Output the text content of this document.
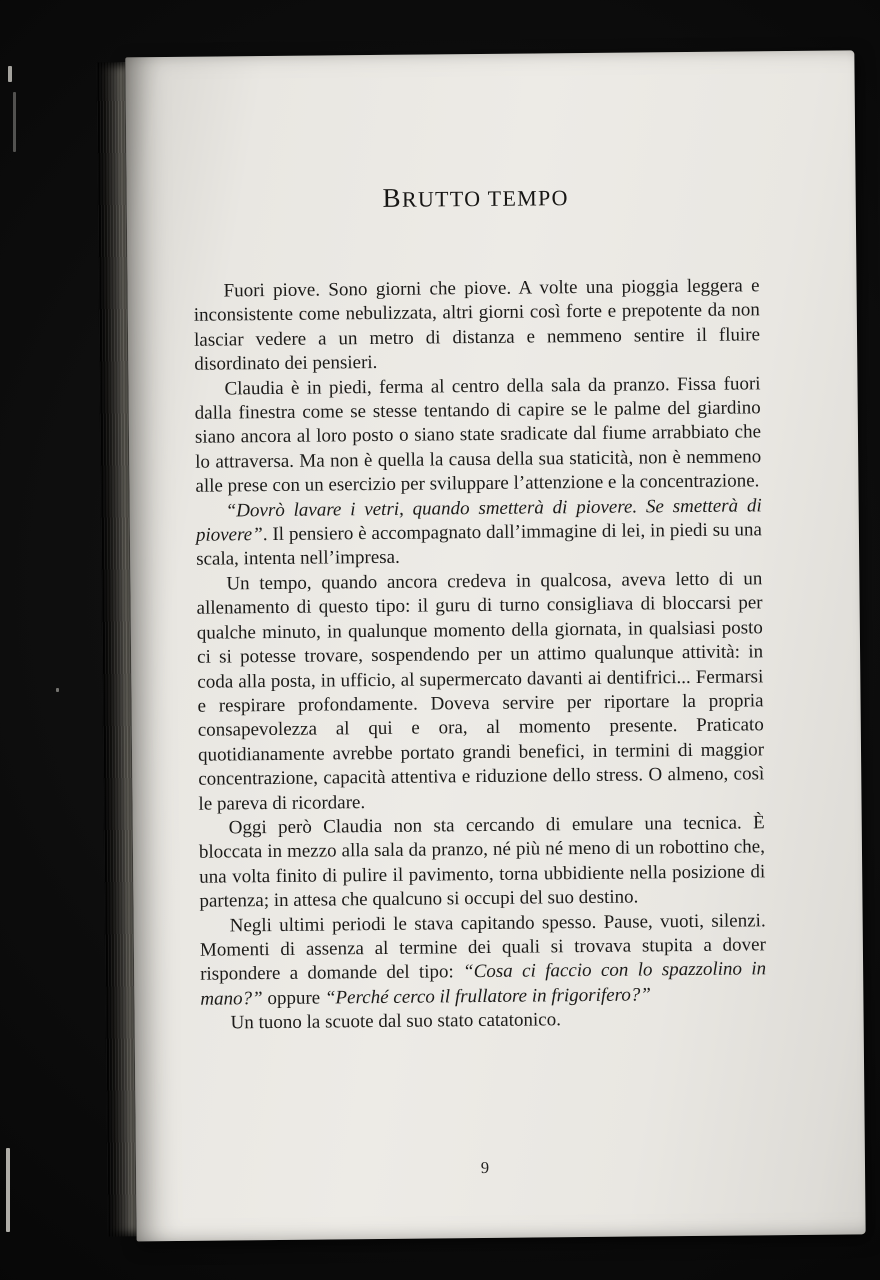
BRUTTO TEMPO

Fuori piove. Sono giorni che piove. A volte una pioggia leggera e inconsistente come nebulizzata, altri giorni così forte e prepotente da non lasciar vedere a un metro di distanza e nemmeno sentire il fluire disordinato dei pensieri.

Claudia è in piedi, ferma al centro della sala da pranzo. Fissa fuori dalla finestra come se stesse tentando di capire se le palme del giardino siano ancora al loro posto o siano state sradicate dal fiume arrabbiato che lo attraversa. Ma non è quella la causa della sua staticità, non è nemmeno alle prese con un esercizio per sviluppare l’attenzione e la concentrazione.

“Dovrò lavare i vetri, quando smetterà di piovere. Se smetterà di piovere”. Il pensiero è accompagnato dall’immagine di lei, in piedi su una scala, intenta nell’impresa.

Un tempo, quando ancora credeva in qualcosa, aveva letto di un allenamento di questo tipo: il guru di turno consigliava di bloccarsi per qualche minuto, in qualunque momento della giornata, in qualsiasi posto ci si potesse trovare, sospendendo per un attimo qualunque attività: in coda alla posta, in ufficio, al supermercato davanti ai dentifrici... Fermarsi e respirare profondamente. Doveva servire per riportare la propria consapevolezza al qui e ora, al momento presente. Praticato quotidianamente avrebbe portato grandi benefici, in termini di maggior concentrazione, capacità attentiva e riduzione dello stress. O almeno, così le pareva di ricordare.

Oggi però Claudia non sta cercando di emulare una tecnica. È bloccata in mezzo alla sala da pranzo, né più né meno di un robottino che, una volta finito di pulire il pavimento, torna ubbidiente nella posizione di partenza; in attesa che qualcuno si occupi del suo destino.

Negli ultimi periodi le stava capitando spesso. Pause, vuoti, silenzi. Momenti di assenza al termine dei quali si trovava stupita a dover rispondere a domande del tipo: “Cosa ci faccio con lo spazzolino in mano?” oppure “Perché cerco il frullatore in frigorifero?”

Un tuono la scuote dal suo stato catatonico.

9
